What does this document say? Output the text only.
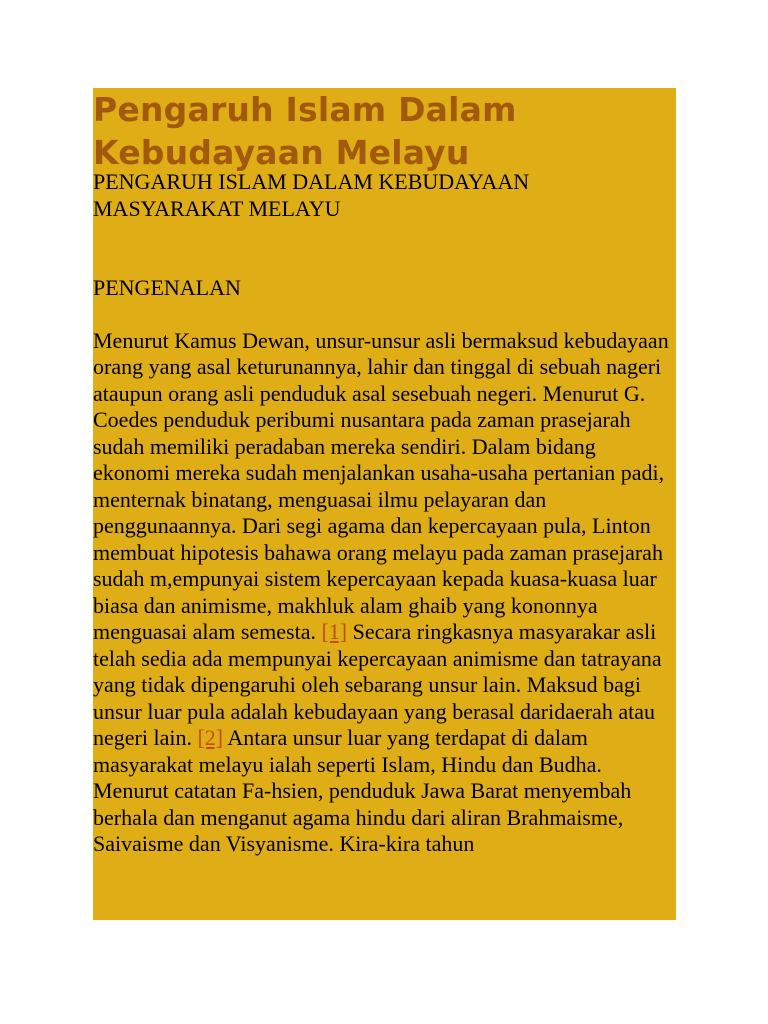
Pengaruh Islam Dalam Kebudayaan Melayu

PENGARUH ISLAM DALAM KEBUDAYAAN MASYARAKAT MELAYU

PENGENALAN

Menurut Kamus Dewan, unsur-unsur asli bermaksud kebudayaan orang yang asal keturunannya, lahir dan tinggal di sebuah nageri ataupun orang asli penduduk asal sesebuah negeri. Menurut G. Coedes penduduk peribumi nusantara pada zaman prasejarah sudah memiliki peradaban mereka sendiri. Dalam bidang ekonomi mereka sudah menjalankan usaha-usaha pertanian padi, menternak binatang, menguasai ilmu pelayaran dan penggunaannya. Dari segi agama dan kepercayaan pula, Linton membuat hipotesis bahawa orang melayu pada zaman prasejarah sudah m,empunyai sistem kepercayaan kepada kuasa-kuasa luar biasa dan animisme, makhluk alam ghaib yang kononnya menguasai alam semesta. [1] Secara ringkasnya masyarakar asli telah sedia ada mempunyai kepercayaan animisme dan tatrayana yang tidak dipengaruhi oleh sebarang unsur lain. Maksud bagi unsur luar pula adalah kebudayaan yang berasal daridaerah atau negeri lain. [2] Antara unsur luar yang terdapat di dalam masyarakat melayu ialah seperti Islam, Hindu dan Budha. Menurut catatan Fa-hsien, penduduk Jawa Barat menyembah berhala dan menganut agama hindu dari aliran Brahmaisme, Saivaisme dan Visyanisme. Kira-kira tahun
